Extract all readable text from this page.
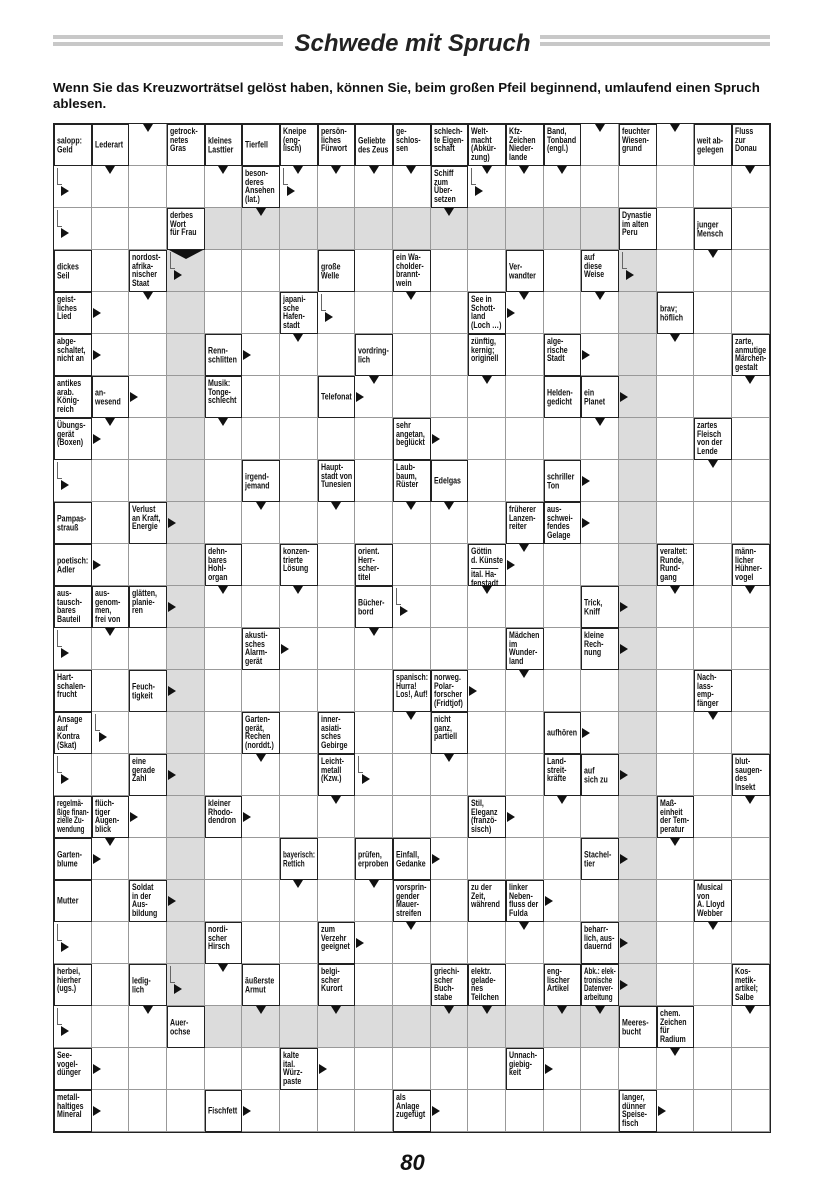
Schwede mit Spruch
Wenn Sie das Kreuzworträtsel gelöst haben, können Sie, beim großen Pfeil beginnend, umlaufend einen Spruch ablesen.
salopp:
Geld	Lederart
getrock-
netes
Gras
kleines
Lasttier Tierfell
Kneipe
(eng-
lisch)
persön-
liches
Fürwort
Geliebte
des Zeus
ge-
schlos-
sen
schlech-
te Eigen-
schaft
Welt-
macht
(Abkür-
zung)
Kfz-
Zeichen
Nieder-
lande
Band,
Tonband
(engl.)
feuchter
Wiesen-
grund
weit ab-
gelegen
Fluss
zur
Donau
beson-
deres
Ansehen
(lat.)
Schiff
zum
Über-
setzen
derbes
Wort
für Frau
Dynastie
im alten
Peru
junger
Mensch
dickes
Seil
nordost-
afrika-
nischer
Staat
große
Welle
ein Wa-
cholder-
brannt-
wein
Ver-
wandter
auf
diese
Weise
geist-
liches
Lied
japani-
sche
Hafen-
stadt
See in
Schott-
land
(Loch …)
brav;
höflich
abge-
schaltet,
nicht an
Renn-
schlitten
vordring-
lich
zünftig,
kernig;
originell
alge-
rische
Stadt
zarte,
anmutige
Märchen-
gestalt
antikes
arab.
König-
reich
an-
wesend
Musik:
Tonge-
schlecht	Telefonat	Helden-
gedicht
ein
Planet
Übungs-
gerät
(Boxen)
sehr
angetan,
beglückt
zartes
Fleisch
von der
Lende
irgend-
jemand
Haupt-
stadt von
Tunesien
Laub-
baum,
Rüster Edelgas	schriller
Ton
Pampas-
strauß
Verlust
an Kraft,
Energie
früherer
Lanzen-
reiter
aus-
schwei-
fendes
Gelage
poetisch:
Adler
dehn-
bares
Hohl-
organ
konzen-
trierte
Lösung
orient.
Herr-
scher-
titel
Göttin
d. Künste
ital. Ha-
fenstadt
veraltet:
Runde,
Rund-
gang
männ-
licher
Hühner-
vogel
aus-
tausch-
bares
Bauteil
aus-
genom-
men,
frei von
glätten,
planie-
ren
Bücher-
bord
Trick,
Kniff
akusti-
sches
Alarm-
gerät
Mädchen
im
Wunder-
land
kleine
Rech-
nung
Hart-
schalen-
frucht
Feuch-
tigkeit
spanisch:
Hurra!
Los!, Auf!
norweg.
Polar-
forscher
(Fridtjof)
Nach-
lass-
emp-
fänger
Ansage
auf
Kontra
(Skat)
Garten-
gerät,
Rechen
(norddt.)
inner-
asiati-
sches
Gebirge
nicht
ganz,
partiell	aufhören
eine
gerade
Zahl
Leicht-
metall
(Kzw.)
Land-
streit-
kräfte
auf
sich zu
blut-
saugen-
des
Insekt
regelmä-
ßige finan-
zielle Zu-
wendung
flüch-
tiger
Augen-
blick
kleiner
Rhodo-
dendron
Stil,
Eleganz
(franzö-
sisch)
Maß-
einheit
der Tem-
peratur
Garten-
blume
bayerisch:
Rettich
prüfen,
erproben
Einfall,
Gedanke
Stachel-
tier
Mutter
Soldat
in der
Aus-
bildung
vorsprin-
gender
Mauer-
streifen
zu der
Zeit,
während
linker
Neben-
fluss der
Fulda
Musical
von
A. Lloyd
Webber
nordi-
scher
Hirsch
zum
Verzehr
geeignet
beharr-
lich, aus-
dauernd
herbei,
hierher
(ugs.)
ledig-
lich
äußerste
Armut
belgi-
scher
Kurort
griechi-
scher
Buch-
stabe
elektr.
gelade-
nes
Teilchen
eng-
lischer
Artikel
Abk.: elek-
tronische
Datenver-
arbeitung
Kos-
metik-
artikel;
Salbe
Auer-
ochse
Meeres-
bucht
chem.
Zeichen
für
Radium
See-
vogel-
dünger
kalte
ital.
Würz-
paste
Unnach-
giebig-
keit
metall-
haltiges
Mineral	Fischfett
als
Anlage
zugefügt
langer,
dünner
Speise-
fisch
80
